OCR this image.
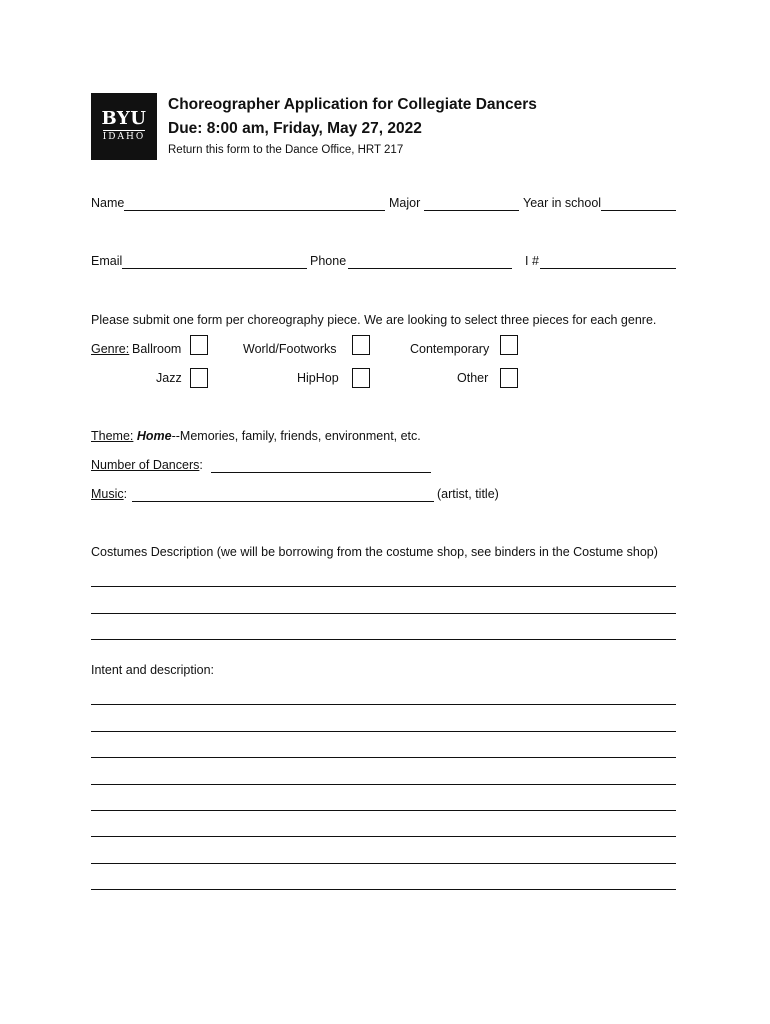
BYU
IDAHO
Choreographer Application for Collegiate Dancers
Due: 8:00 am, Friday, May 27, 2022
Return this form to the Dance Office, HRT 217
Name	Major	Year in school
Email	Phone	I #
Please submit one form per choreography piece. We are looking to select three pieces for each genre.
Genre: Ballroom	World/Footworks	Contemporary
Jazz	HipHop	Other
Theme: Home--Memories, family, friends, environment, etc.
Number of Dancers:
Music:	(artist, title)
Costumes Description (we will be borrowing from the costume shop, see binders in the Costume shop)
Intent and description:
